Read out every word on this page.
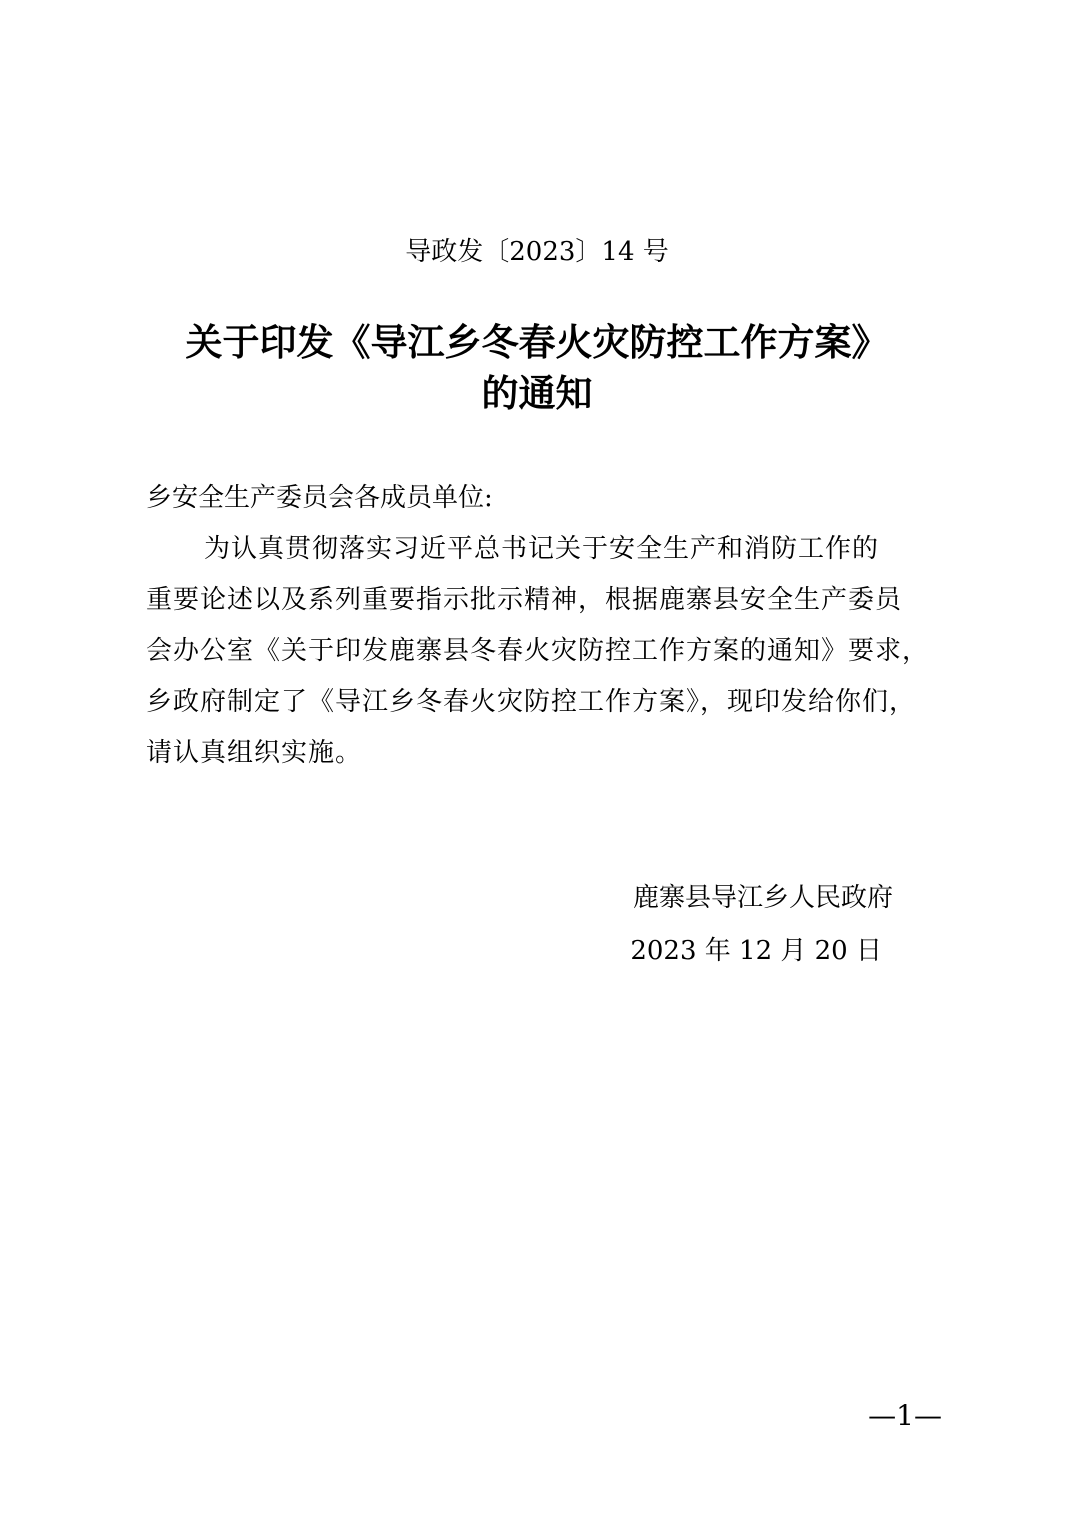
导政发〔2023〕14 号
关于印发《导江乡冬春火灾防控工作方案》
的通知
乡安全生产委员会各成员单位:
为认真贯彻落实习近平总书记关于安全生产和消防工作的
重要论述以及系列重要指示批示精神，根据鹿寨县安全生产委员
会办公室《关于印发鹿寨县冬春火灾防控工作方案的通知》要求，
乡政府制定了《导江乡冬春火灾防控工作方案》，现印发给你们，
请认真组织实施。
鹿寨县导江乡人民政府
2023 年 12 月 20 日
—1—
